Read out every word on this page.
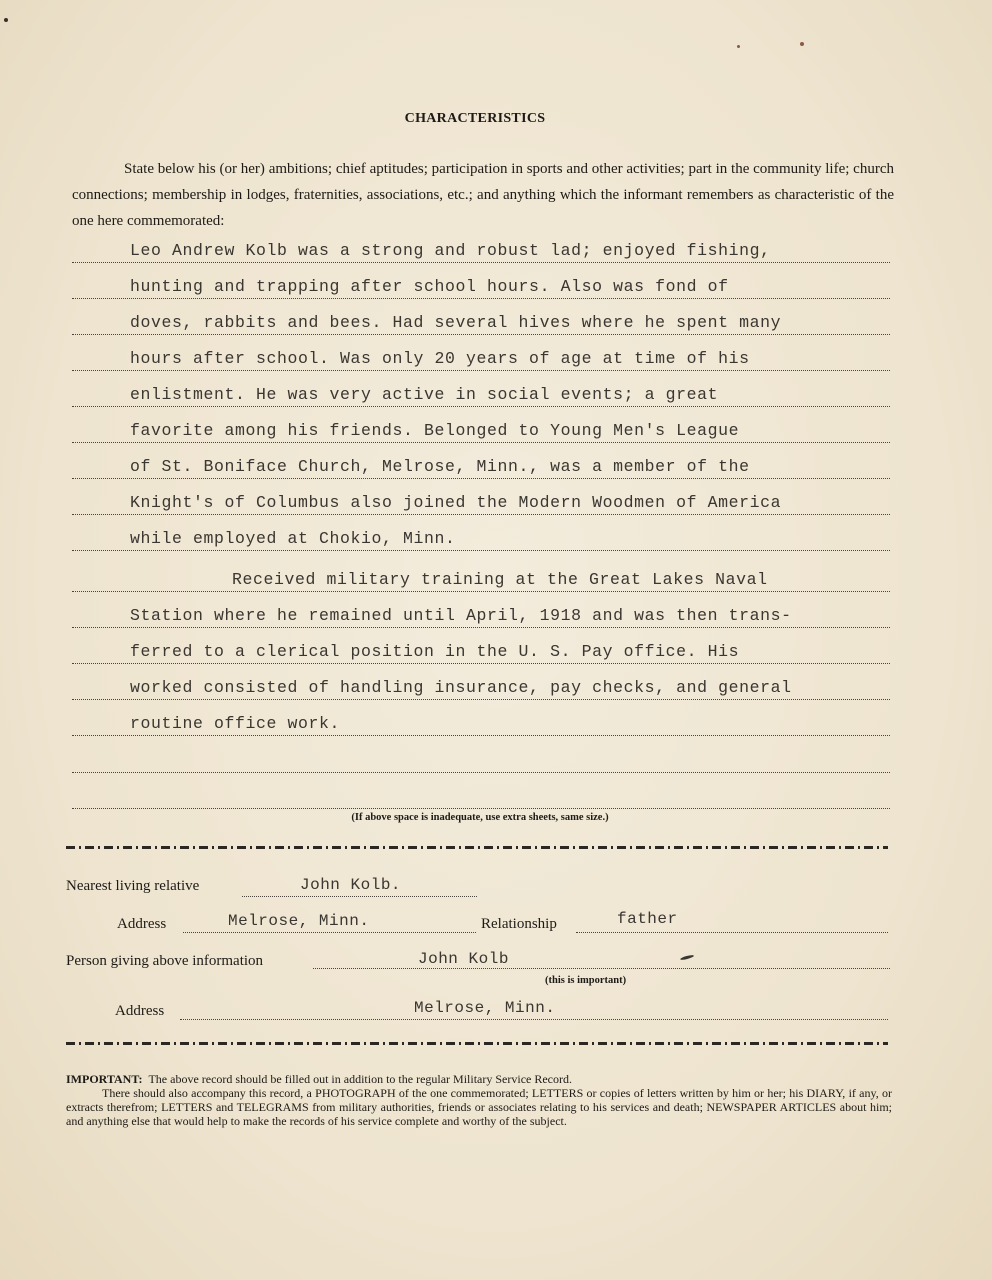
CHARACTERISTICS
State below his (or her) ambitions; chief aptitudes; participation in sports and other activities; part in the community life; church connections; membership in lodges, fraternities, associations, etc.; and anything which the informant remembers as characteristic of the one here commemorated:
Leo Andrew Kolb was a strong and robust lad; enjoyed fishing,
hunting and trapping after school hours. Also was fond of
doves, rabbits and bees. Had several hives where he spent many
hours after school. Was only 20 years of age at time of his
enlistment. He was very active in social events; a great
favorite among his friends. Belonged to Young Men's League
of St. Boniface Church, Melrose, Minn., was a member of the
Knight's of Columbus also joined the Modern Woodmen of America
while employed at Chokio, Minn.
Received military training at the Great Lakes Naval
Station where he remained until April, 1918 and was then trans-
ferred to a clerical position in the U. S. Pay office. His
worked consisted of handling insurance, pay checks, and general
routine office work.
(If above space is inadequate, use extra sheets, same size.)
Nearest living relative	John Kolb.
Address	Melrose, Minn.	Relationship	father
Person giving above information	John Kolb
(this is important)
Address	Melrose, Minn.

IMPORTANT: The above record should be filled out in addition to the regular Military Service Record.

There should also accompany this record, a PHOTOGRAPH of the one commemorated; LETTERS or copies of letters written by him or her; his DIARY, if any, or extracts therefrom; LETTERS and TELEGRAMS from military authorities, friends or associates relating to his services and death; NEWSPAPER ARTICLES about him; and anything else that would help to make the records of his service complete and worthy of the subject.
